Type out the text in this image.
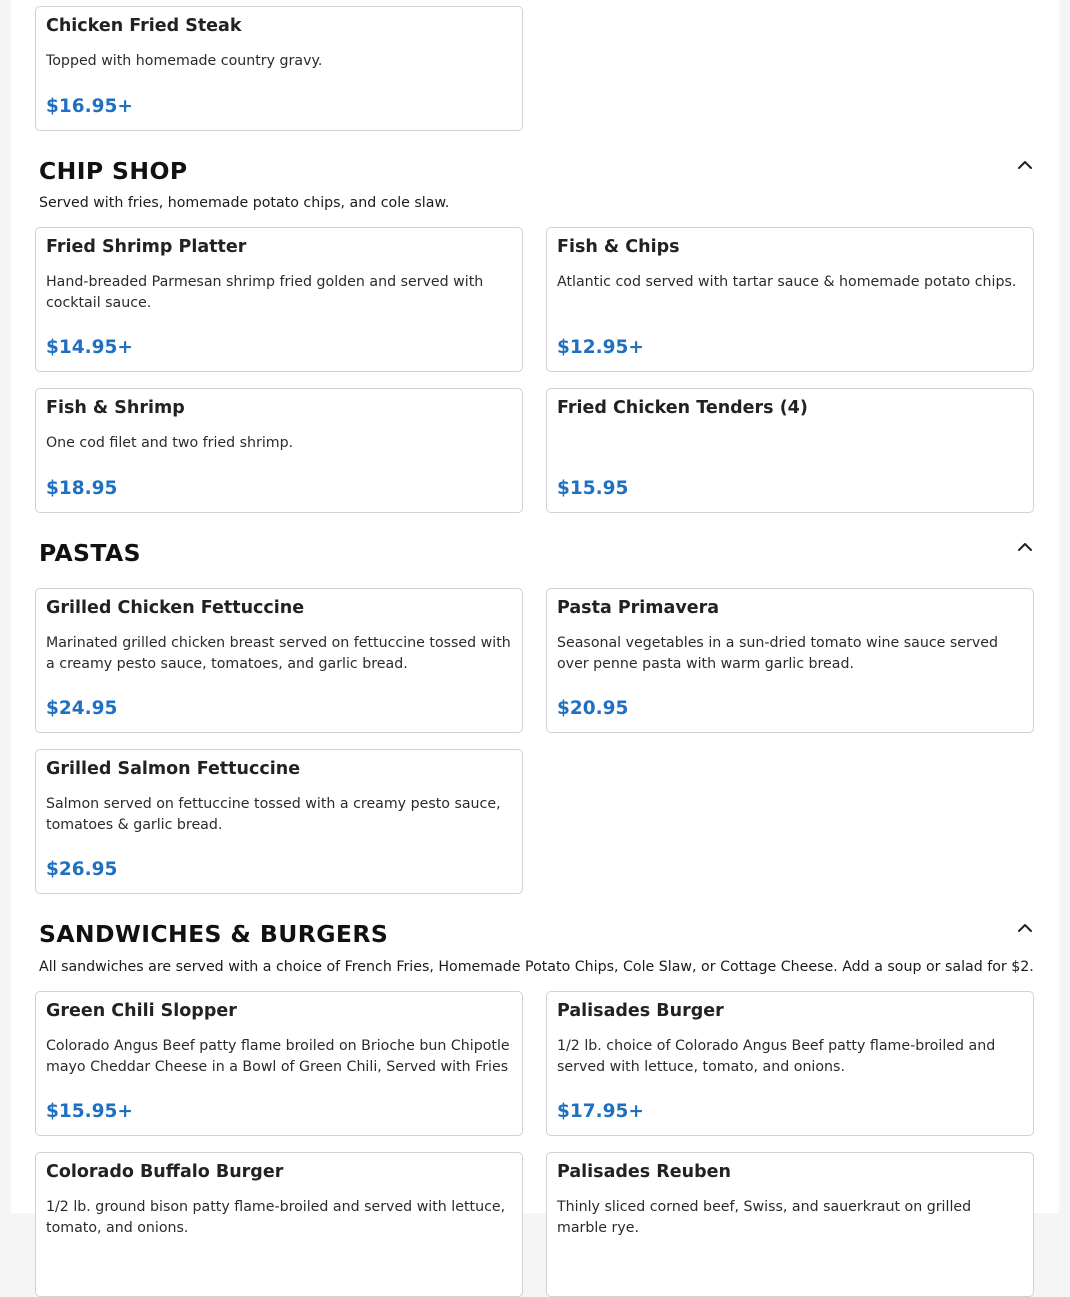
Chicken Fried Steak
Topped with homemade country gravy.
$16.95+
CHIP SHOP
Served with fries, homemade potato chips, and cole slaw.
Fried Shrimp Platter
Hand-breaded Parmesan shrimp fried golden and served with cocktail sauce.
$14.95+
Fish & Chips
Atlantic cod served with tartar sauce & homemade potato chips.
$12.95+
Fish & Shrimp
One cod filet and two fried shrimp.
$18.95
Fried Chicken Tenders (4)
$15.95
PASTAS
Grilled Chicken Fettuccine
Marinated grilled chicken breast served on fettuccine tossed with a creamy pesto sauce, tomatoes, and garlic bread.
$24.95
Pasta Primavera
Seasonal vegetables in a sun-dried tomato wine sauce served over penne pasta with warm garlic bread.
$20.95
Grilled Salmon Fettuccine
Salmon served on fettuccine tossed with a creamy pesto sauce, tomatoes & garlic bread.
$26.95
SANDWICHES & BURGERS
All sandwiches are served with a choice of French Fries, Homemade Potato Chips, Cole Slaw, or Cottage Cheese. Add a soup or salad for $2.
Green Chili Slopper
Colorado Angus Beef patty flame broiled on Brioche bun Chipotle mayo Cheddar Cheese in a Bowl of Green Chili, Served with Fries
$15.95+
Palisades Burger
1/2 lb. choice of Colorado Angus Beef patty flame-broiled and served with lettuce, tomato, and onions.
$17.95+
Colorado Buffalo Burger
1/2 lb. ground bison patty flame-broiled and served with lettuce, tomato, and onions.
Palisades Reuben
Thinly sliced corned beef, Swiss, and sauerkraut on grilled marble rye.
